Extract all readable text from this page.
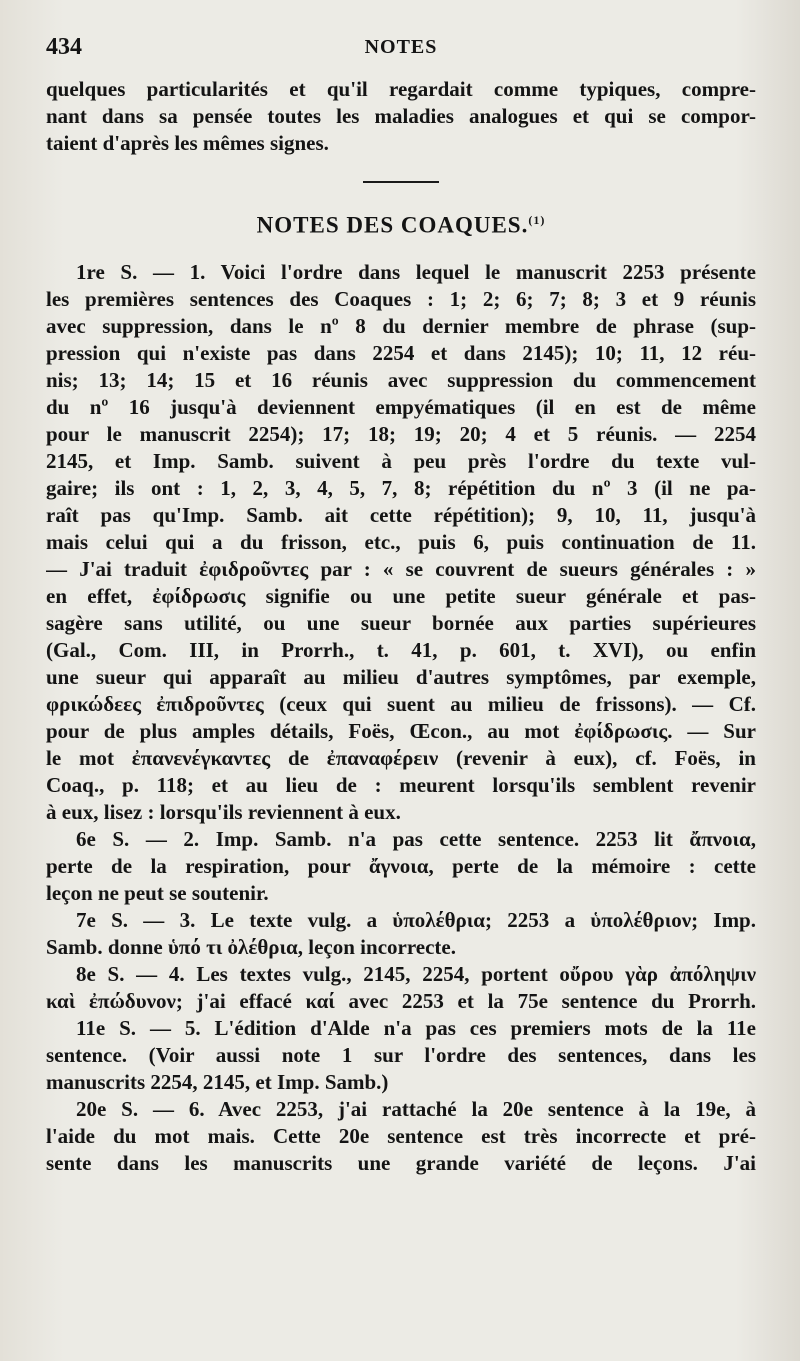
434	NOTES
quelques particularités et qu'il regardait comme typiques, compre-
nant dans sa pensée toutes les maladies analogues et qui se compor-
taient d'après les mêmes signes.
NOTES DES COAQUES.$^{(1)}$
1re S. — 1. Voici l'ordre dans lequel le manuscrit 2253 présente
les premières sentences des Coaques : 1; 2; 6; 7; 8; 3 et 9 réunis
avec suppression, dans le nº 8 du dernier membre de phrase (sup-
pression qui n'existe pas dans 2254 et dans 2145); 10; 11, 12 réu-
nis; 13; 14; 15 et 16 réunis avec suppression du commencement
du nº 16 jusqu'à deviennent empyématiques (il en est de même
pour le manuscrit 2254); 17; 18; 19; 20; 4 et 5 réunis. — 2254
2145, et Imp. Samb. suivent à peu près l'ordre du texte vul-
gaire; ils ont : 1, 2, 3, 4, 5, 7, 8; répétition du nº 3 (il ne pa-
raît pas qu'Imp. Samb. ait cette répétition); 9, 10, 11, jusqu'à
mais celui qui a du frisson, etc., puis 6, puis continuation de 11.
— J'ai traduit ἐφιδροῦντες par : « se couvrent de sueurs générales : »
en effet, ἐφίδρωσις signifie ou une petite sueur générale et pas-
sagère sans utilité, ou une sueur bornée aux parties supérieures
(Gal., Com. III, in Prorrh., t. 41, p. 601, t. XVI), ou enfin
une sueur qui apparaît au milieu d'autres symptômes, par exemple,
φρικώδεες ἐπιδροῦντες (ceux qui suent au milieu de frissons). — Cf.
pour de plus amples détails, Foës, Œcon., au mot ἐφίδρωσις. — Sur
le mot ἐπανενέγκαντες de ἐπαναφέρειν (revenir à eux), cf. Foës, in
Coaq., p. 118; et au lieu de : meurent lorsqu'ils semblent revenir
à eux, lisez : lorsqu'ils reviennent à eux.
6e S. — 2. Imp. Samb. n'a pas cette sentence. 2253 lit ἄπνοια,
perte de la respiration, pour ἄγνοια, perte de la mémoire : cette
leçon ne peut se soutenir.
7e S. — 3. Le texte vulg. a ὑπολέθρια; 2253 a ὑπολέθριον; Imp.
Samb. donne ὑπό τι ὀλέθρια, leçon incorrecte.
8e S. — 4. Les textes vulg., 2145, 2254, portent οὔρου γὰρ ἀπόληψιν
καὶ ἐπώδυνον; j'ai effacé καί avec 2253 et la 75e sentence du Prorrh.
11e S. — 5. L'édition d'Alde n'a pas ces premiers mots de la 11e
sentence. (Voir aussi note 1 sur l'ordre des sentences, dans les
manuscrits 2254, 2145, et Imp. Samb.)
20e S. — 6. Avec 2253, j'ai rattaché la 20e sentence à la 19e, à
l'aide du mot mais. Cette 20e sentence est très incorrecte et pré-
sente dans les manuscrits une grande variété de leçons. J'ai
